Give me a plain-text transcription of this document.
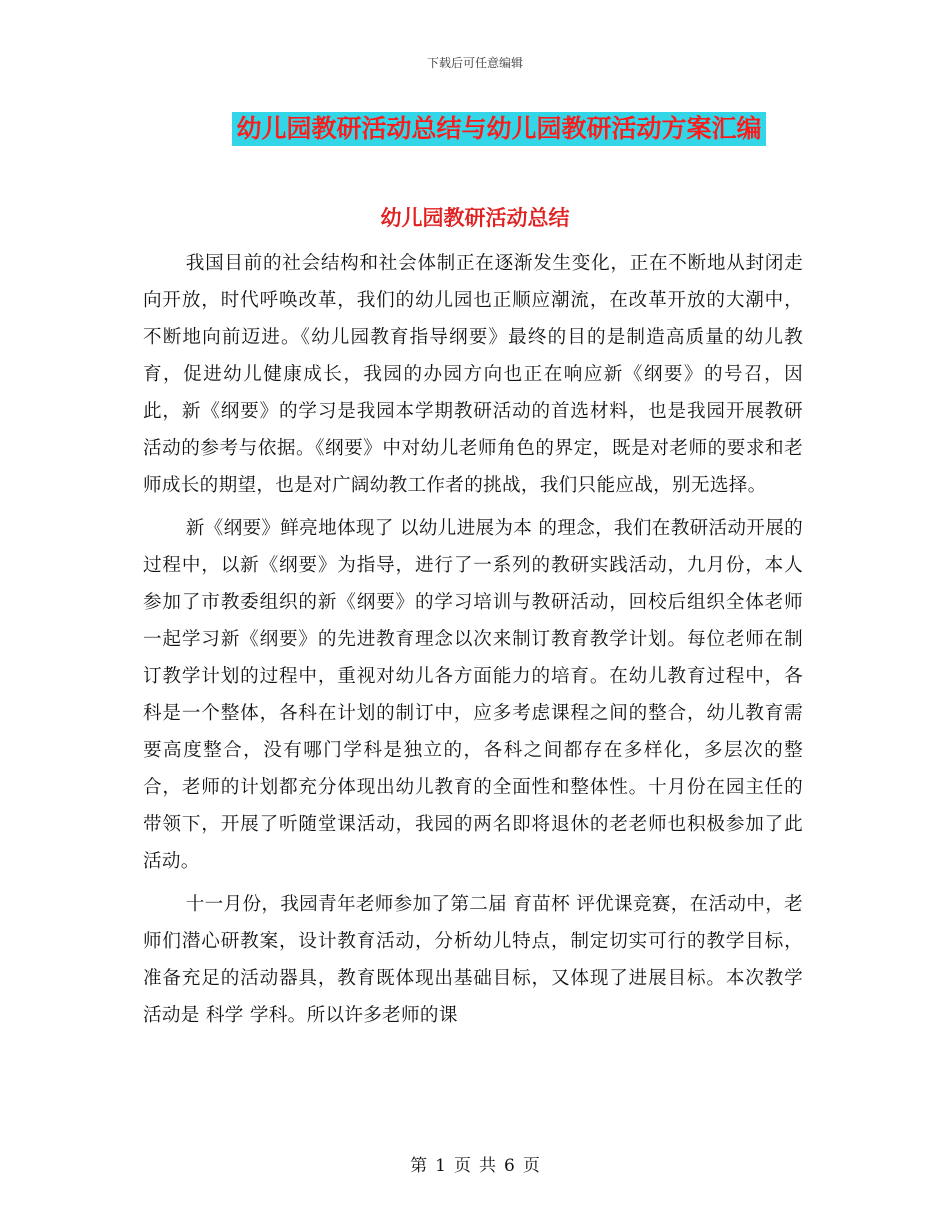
下载后可任意编辑
幼儿园教研活动总结与幼儿园教研活动方案汇编
幼儿园教研活动总结

我国目前的社会结构和社会体制正在逐渐发生变化，正在不断地从封闭走向开放，时代呼唤改革，我们的幼儿园也正顺应潮流，在改革开放的大潮中，不断地向前迈进。《幼儿园教育指导纲要》最终的目的是制造高质量的幼儿教育，促进幼儿健康成长，我园的办园方向也正在响应新《纲要》的号召，因此，新《纲要》的学习是我园本学期教研活动的首选材料，也是我园开展教研活动的参考与依据。《纲要》中对幼儿老师角色的界定，既是对老师的要求和老师成长的期望，也是对广阔幼教工作者的挑战，我们只能应战，别无选择。

新《纲要》鲜亮地体现了 以幼儿进展为本 的理念，我们在教研活动开展的过程中，以新《纲要》为指导，进行了一系列的教研实践活动，九月份，本人参加了市教委组织的新《纲要》的学习培训与教研活动，回校后组织全体老师一起学习新《纲要》的先进教育理念以次来制订教育教学计划。每位老师在制订教学计划的过程中，重视对幼儿各方面能力的培育。在幼儿教育过程中，各科是一个整体，各科在计划的制订中，应多考虑课程之间的整合，幼儿教育需要高度整合，没有哪门学科是独立的，各科之间都存在多样化，多层次的整合，老师的计划都充分体现出幼儿教育的全面性和整体性。十月份在园主任的带领下，开展了听随堂课活动，我园的两名即将退休的老老师也积极参加了此活动。

十一月份，我园青年老师参加了第二届 育苗杯 评优课竞赛，在活动中，老师们潜心研教案，设计教育活动，分析幼儿特点，制定切实可行的教学目标，准备充足的活动器具，教育既体现出基础目标，又体现了进展目标。本次教学活动是 科学 学科。所以许多老师的课

第 1 页 共 6 页
